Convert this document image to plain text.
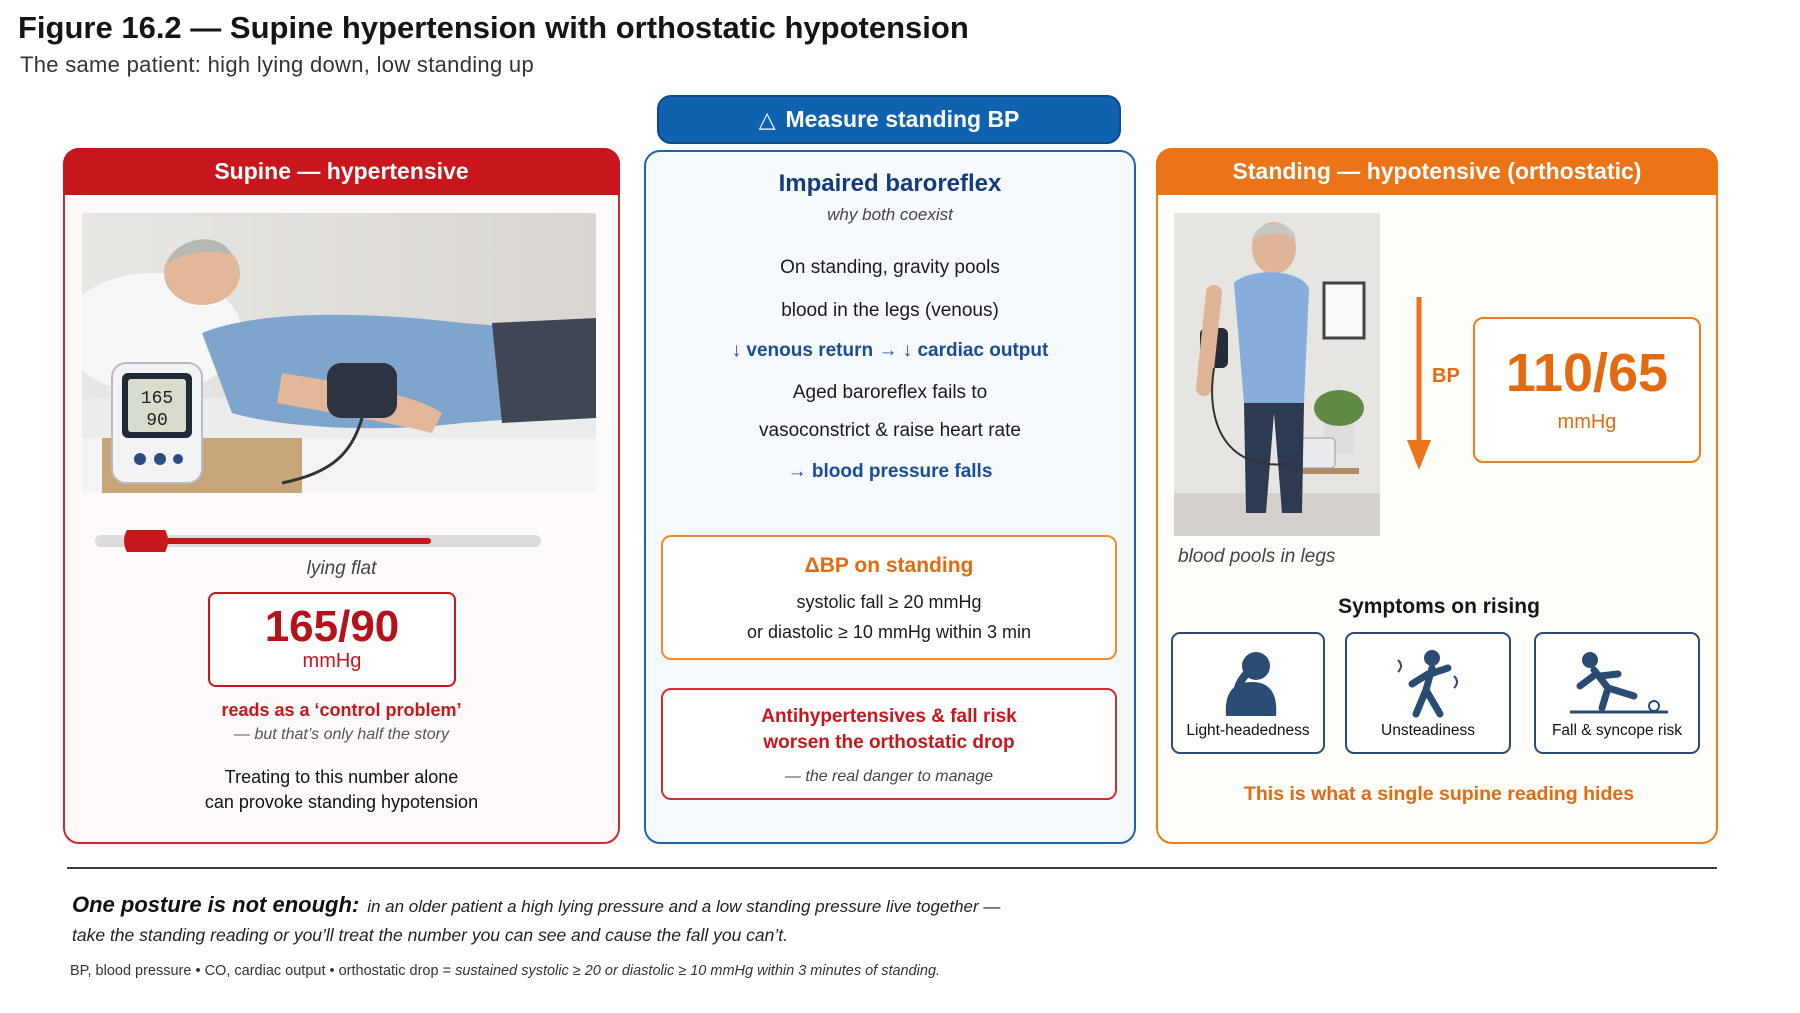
Figure 16.2 — Supine hypertension with orthostatic hypotension
The same patient: high lying down, low standing up
Supine — hypertensive
165
90
lying flat
reads as a ‘control problem’
— but that’s only half the story
Treating to this number alone
can provoke standing hypotension
165/90
mmHg
△ Measure standing BP
Impaired baroreflex
why both coexist
On standing, gravity pools
blood in the legs (venous)
↓ venous return → ↓ cardiac output
Aged baroreflex fails to
vasoconstrict & raise heart rate
→ blood pressure falls
ΔBP on standing
systolic fall ≥ 20 mmHg
or diastolic ≥ 10 mmHg within 3 min
Antihypertensives & fall risk
worsen the orthostatic drop
— the real danger to manage
Standing — hypotensive (orthostatic)
blood pools in legs
BP 110/65
mmHg
Symptoms on rising
Light-headedness	Unsteadiness	Fall & syncope risk
This is what a single supine reading hides
One posture is not enough: in an older patient a high lying pressure and a low standing pressure live together —
take the standing reading or you’ll treat the number you can see and cause the fall you can’t.
BP, blood pressure • CO, cardiac output • orthostatic drop = sustained systolic ≥ 20 or diastolic ≥ 10 mmHg within 3 minutes of standing.
